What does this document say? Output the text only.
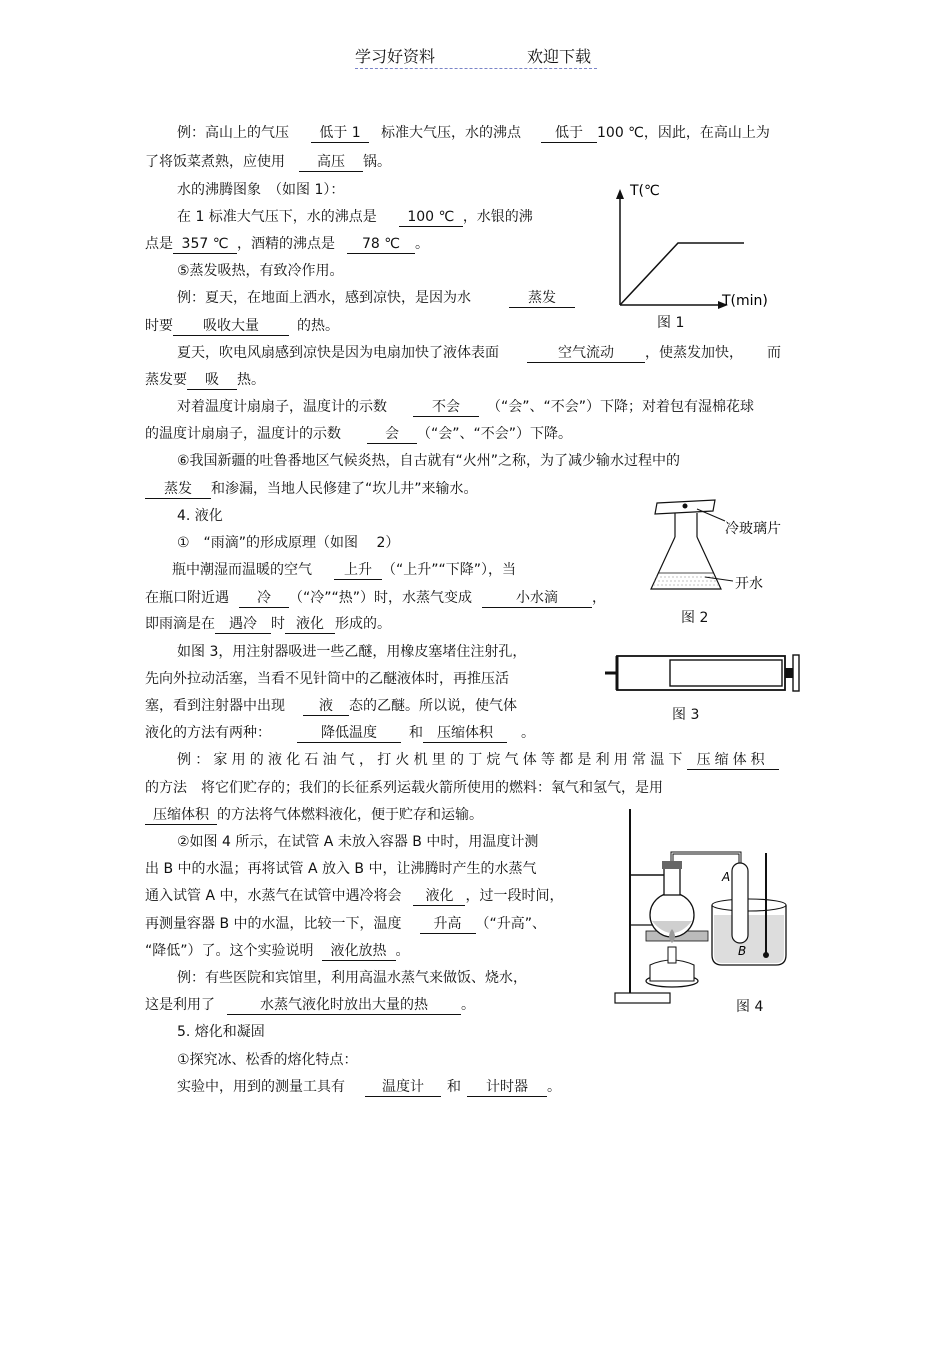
学习好资料	欢迎下载
例：高山上的气压 低于 1 标准大气压，水的沸点 低于 100 ℃，因此，在高山上为
了将饭菜煮熟，应使用 高压 锅。
水的沸腾图象　（如图 1）：
在 1 标准大气压下，水的沸点是 100 ℃ ，水银的沸
点是 357 ℃ ，酒精的沸点是 78 ℃ 。
⑤蒸发吸热，有致冷作用。
例：夏天，在地面上洒水，感到凉快，是因为水	蒸发
时要 吸收大量	的热。
夏天，吹电风扇感到凉快是因为电扇加快了液体表面	空气流动 ，使蒸发加快， 而
蒸发要 吸 热。
对着温度计扇扇子，温度计的示数	不会 （“会”、“不会”）下降；对着包有湿棉花球
的温度计扇扇子，温度计的示数	会 （“会”、“不会”）下降。
⑥我国新疆的吐鲁番地区气候炎热，自古就有“火州”之称，为了减少输水过程中的
蒸发 和渗漏，当地人民修建了“坎儿井”来输水。
4. 液化
①　“雨滴”的形成原理（如图　 2）
瓶中潮湿而温暖的空气 上升 （“上升”“下降”），当
在瓶口附近遇 冷 （“冷”“热”）时，水蒸气变成	小水滴 ，
即雨滴是在 遇冷 时 液化 形成的。
如图 3，用注射器吸进一些乙醚，用橡皮塞堵住注射孔，
先向外拉动活塞，当看不见针筒中的乙醚液体时，再推压活
塞，看到注射器中出现 液 态的乙醚。所以说，使气体
液化的方法有两种：	降低温度 和 压缩体积 。
例：家用的液化石油气，打火机里的丁烷气体等都是利用常温下 压缩体积
的方法　将它们贮存的；我们的长征系列运载火箭所使用的燃料：氧气和氢气，是用
压缩体积 的方法将气体燃料液化，便于贮存和运输。
②如图 4 所示，在试管 A 未放入容器 B 中时，用温度计测
出 B 中的水温；再将试管 A 放入 B 中，让沸腾时产生的水蒸气
通入试管 A 中，水蒸气在试管中遇冷将会 液化 ，过一段时间，
再测量容器 B 中的水温，比较一下，温度 升高 （“升高”、
“降低”）了。这个实验说明 液化放热 。
例：有些医院和宾馆里，利用高温水蒸气来做饭、烧水，
这是利用了	水蒸气液化时放出大量的热 。
5. 熔化和凝固
①探究冰、松香的熔化特点：
实验中，用到的测量工具有	温度计 和 计时器 。
T(℃
T(min)
图 1
冷玻璃片
开水
图 2
图 3
A
B
图 4
